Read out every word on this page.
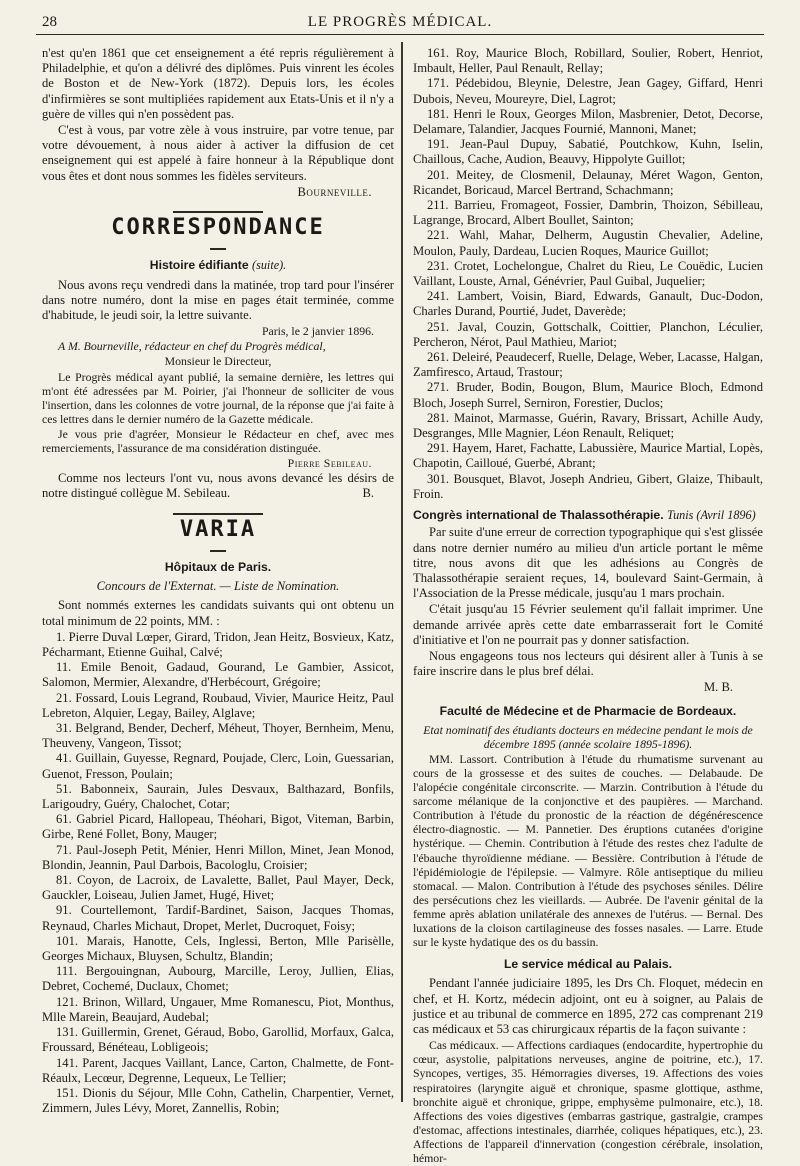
28	LE PROGRÈS MÉDICAL.

n'est qu'en 1861 que cet enseignement a été repris régulièrement à Philadelphie, et qu'on a délivré des diplômes. Puis vinrent les écoles de Boston et de New-York (1872). Depuis lors, les écoles d'infirmières se sont multipliées rapidement aux Etats-Unis et il n'y a guère de villes qui n'en possèdent pas.

C'est à vous, par votre zèle à vous instruire, par votre tenue, par votre dévouement, à nous aider à activer la diffusion de cet enseignement qui est appelé à faire honneur à la République dont vous êtes et dont nous sommes les fidèles serviteurs.

Bourneville.

CORRESPONDANCE
Histoire édifiante (suite).

Nous avons reçu vendredi dans la matinée, trop tard pour l'insérer dans notre numéro, dont la mise en pages était terminée, comme d'habitude, le jeudi soir, la lettre suivante.

Paris, le 2 janvier 1896.

A M. Bourneville, rédacteur en chef du Progrès médical,

Monsieur le Directeur,

Le Progrès médical ayant publié, la semaine dernière, les lettres qui m'ont été adressées par M. Poirier, j'ai l'honneur de solliciter de vous l'insertion, dans les colonnes de votre journal, de la réponse que j'ai faite à ces lettres dans le dernier numéro de la Gazette médicale.

Je vous prie d'agréer, Monsieur le Rédacteur en chef, avec mes remerciements, l'assurance de ma considération distinguée.

Pierre Sebileau.

Comme nos lecteurs l'ont vu, nous avons devancé les désirs de notre distingué collègue M. Sebileau.	B.

VARIA
Hôpitaux de Paris.

Concours de l'Externat. — Liste de Nomination.

Sont nommés externes les candidats suivants qui ont obtenu un total minimum de 22 points, MM. :

1. Pierre Duval Lœper, Girard, Tridon, Jean Heitz, Bosvieux, Katz, Pécharmant, Etienne Guihal, Calvé;

11. Emile Benoit, Gadaud, Gourand, Le Gambier, Assicot, Salomon, Mermier, Alexandre, d'Herbécourt, Grégoire;

21. Fossard, Louis Legrand, Roubaud, Vivier, Maurice Heitz, Paul Lebreton, Alquier, Legay, Bailey, Alglave;

31. Belgrand, Bender, Decherf, Méheut, Thoyer, Bernheim, Menu, Theuveny, Vangeon, Tissot;

41. Guillain, Guyesse, Regnard, Poujade, Clerc, Loin, Guessarian, Guenot, Fresson, Poulain;

51. Babonneix, Saurain, Jules Desvaux, Balthazard, Bonfils, Larigoudry, Guéry, Chalochet, Cotar;

61. Gabriel Picard, Hallopeau, Théohari, Bigot, Viteman, Barbin, Girbe, René Follet, Bony, Mauger;

71. Paul-Joseph Petit, Ménier, Henri Millon, Minet, Jean Monod, Blondin, Jeannin, Paul Darbois, Bacologlu, Croisier;

81. Coyon, de Lacroix, de Lavalette, Ballet, Paul Mayer, Deck, Gauckler, Loiseau, Julien Jamet, Hugé, Hivet;

91. Courtellemont, Tardif-Bardinet, Saison, Jacques Thomas, Reynaud, Charles Michaut, Dropet, Merlet, Ducroquet, Foisy;

101. Marais, Hanotte, Cels, Inglessi, Berton, Mlle Parisèlle, Georges Michaux, Bluysen, Schultz, Blandin;

111. Bergouingnan, Aubourg, Marcille, Leroy, Jullien, Elias, Debret, Cochemé, Duclaux, Chomet;

121. Brinon, Willard, Ungauer, Mme Romanescu, Piot, Monthus, Mlle Marein, Beaujard, Audebal;

131. Guillermin, Grenet, Géraud, Bobo, Garollid, Morfaux, Galca, Froussard, Bénéteau, Lobligeois;

141. Parent, Jacques Vaillant, Lance, Carton, Chalmette, de Font-Réaulx, Lecœur, Degrenne, Lequeux, Le Tellier;

151. Dionis du Séjour, Mlle Cohn, Cathelin, Charpentier, Vernet, Zimmern, Jules Lévy, Moret, Zannellis, Robin;

161. Roy, Maurice Bloch, Robillard, Soulier, Robert, Henriot, Imbault, Heller, Paul Renault, Rellay;

171. Pédebidou, Bleynie, Delestre, Jean Gagey, Giffard, Henri Dubois, Neveu, Moureyre, Diel, Lagrot;

181. Henri le Roux, Georges Milon, Masbrenier, Detot, Decorse, Delamare, Talandier, Jacques Fournié, Mannoni, Manet;

191. Jean-Paul Dupuy, Sabatié, Poutchkow, Kuhn, Iselin, Chaillous, Cache, Audion, Beauvy, Hippolyte Guillot;

201. Meitey, de Closmenil, Delaunay, Méret Wagon, Genton, Ricandet, Boricaud, Marcel Bertrand, Schachmann;

211. Barrieu, Fromageot, Fossier, Dambrin, Thoizon, Sébilleau, Lagrange, Brocard, Albert Boullet, Sainton;

221. Wahl, Mahar, Delherm, Augustin Chevalier, Adeline, Moulon, Pauly, Dardeau, Lucien Roques, Maurice Guillot;

231. Crotet, Lochelongue, Chalret du Rieu, Le Couëdic, Lucien Vaillant, Louste, Arnal, Génévrier, Paul Guibal, Juquelier;

241. Lambert, Voisin, Biard, Edwards, Ganault, Duc-Dodon, Charles Durand, Pourtié, Judet, Daverède;

251. Javal, Couzin, Gottschalk, Coittier, Planchon, Léculier, Percheron, Nérot, Paul Mathieu, Mariot;

261. Deleiré, Peaudecerf, Ruelle, Delage, Weber, Lacasse, Halgan, Zamfiresco, Artaud, Trastour;

271. Bruder, Bodin, Bougon, Blum, Maurice Bloch, Edmond Bloch, Joseph Surrel, Serniron, Forestier, Duclos;

281. Mainot, Marmasse, Guérin, Ravary, Brissart, Achille Audy, Desgranges, Mlle Magnier, Léon Renault, Reliquet;

291. Hayem, Haret, Fachatte, Labussière, Maurice Martial, Lopès, Chapotin, Cailloué, Guerbé, Abrant;

301. Bousquet, Blavot, Joseph Andrieu, Gibert, Glaize, Thibault, Froin.

Congrès international de Thalassothérapie. Tunis (Avril 1896)

Par suite d'une erreur de correction typographique qui s'est glissée dans notre dernier numéro au milieu d'un article portant le même titre, nous avons dit que les adhésions au Congrès de Thalassothérapie seraient reçues, 14, boulevard Saint-Germain, à l'Association de la Presse médicale, jusqu'au 1 mars prochain.

C'était jusqu'au 15 Février seulement qu'il fallait imprimer. Une demande arrivée après cette date embarrasserait fort le Comité d'initiative et l'on ne pourrait pas y donner satisfaction.

Nous engageons tous nos lecteurs qui désirent aller à Tunis à se faire inscrire dans le plus bref délai.

M. B.

Faculté de Médecine et de Pharmacie de Bordeaux.

Etat nominatif des étudiants docteurs en médecine pendant le mois de décembre 1895 (année scolaire 1895-1896).

MM. Lassort. Contribution à l'étude du rhumatisme survenant au cours de la grossesse et des suites de couches. — Delabaude. De l'alopécie congénitale circonscrite. — Marzin. Contribution à l'étude du sarcome mélanique de la conjonctive et des paupières. — Marchand. Contribution à l'étude du pronostic de la réaction de dégénérescence électro-diagnostic. — M. Pannetier. Des éruptions cutanées d'origine hystérique. — Chemin. Contribution à l'étude des restes chez l'adulte de l'ébauche thyroïdienne médiane. — Bessière. Contribution à l'étude de l'épidémiologie de l'épilepsie. — Valmyre. Rôle antiseptique du milieu stomacal. — Malon. Contribution à l'étude des psychoses séniles. Délire des persécutions chez les vieillards. — Aubrée. De l'avenir génital de la femme après ablation unilatérale des annexes de l'utérus. — Bernal. Des luxations de la cloison cartilagineuse des fosses nasales. — Larre. Etude sur le kyste hydatique des os du bassin.

Le service médical au Palais.

Pendant l'année judiciaire 1895, les Drs Ch. Floquet, médecin en chef, et H. Kortz, médecin adjoint, ont eu à soigner, au Palais de justice et au tribunal de commerce en 1895, 272 cas comprenant 219 cas médicaux et 53 cas chirurgicaux répartis de la façon suivante :

Cas médicaux. — Affections cardiaques (endocardite, hypertrophie du cœur, asystolie, palpitations nerveuses, angine de poitrine, etc.), 17. Syncopes, vertiges, 35. Hémorragies diverses, 19. Affections des voies respiratoires (laryngite aiguë et chronique, spasme glottique, asthme, bronchite aiguë et chronique, grippe, emphysème pulmonaire, etc.), 18. Affections des voies digestives (embarras gastrique, gastralgie, crampes d'estomac, affections intestinales, diarrhée, coliques hépatiques, etc.), 23. Affections de l'appareil d'innervation (congestion cérébrale, insolation, hémor-
